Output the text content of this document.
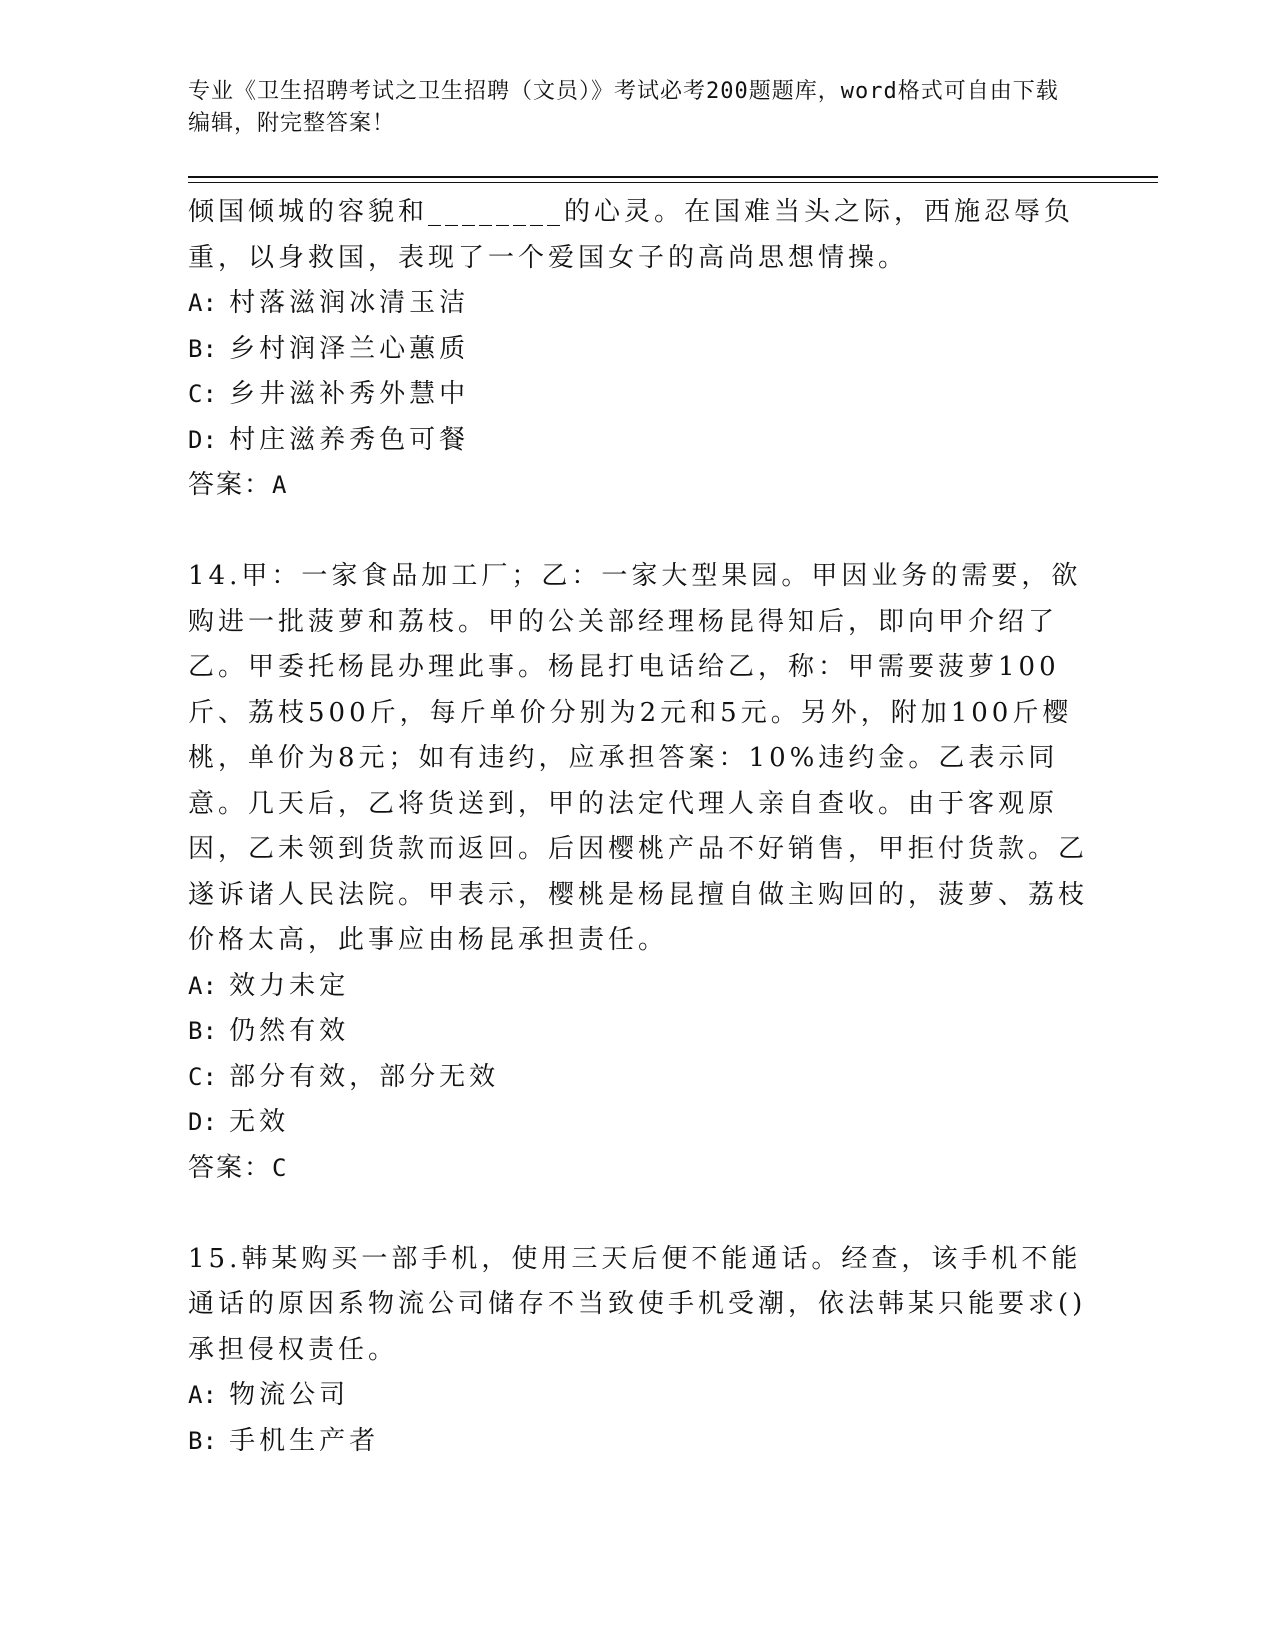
专业《卫生招聘考试之卫生招聘（文员）》考试必考200题题库，word格式可自由下载编辑，附完整答案！

倾国倾城的容貌和________的心灵。在国难当头之际，西施忍辱负重，以身救国，表现了一个爱国女子的高尚思想情操。

A: 村落滋润冰清玉洁
B: 乡村润泽兰心蕙质
C: 乡井滋补秀外慧中
D: 村庄滋养秀色可餐
答案：A

14.甲：一家食品加工厂；乙：一家大型果园。甲因业务的需要，欲购进一批菠萝和荔枝。甲的公关部经理杨昆得知后，即向甲介绍了乙。甲委托杨昆办理此事。杨昆打电话给乙，称：甲需要菠萝100斤、荔枝500斤，每斤单价分别为2元和5元。另外，附加100斤樱桃，单价为8元；如有违约，应承担答案：10%违约金。乙表示同意。几天后，乙将货送到，甲的法定代理人亲自查收。由于客观原因，乙未领到货款而返回。后因樱桃产品不好销售，甲拒付货款。乙遂诉诸人民法院。甲表示，樱桃是杨昆擅自做主购回的，菠萝、荔枝价格太高，此事应由杨昆承担责任。

A: 效力未定
B: 仍然有效
C: 部分有效，部分无效
D: 无效
答案：C

15.韩某购买一部手机，使用三天后便不能通话。经查，该手机不能通话的原因系物流公司储存不当致使手机受潮，依法韩某只能要求()承担侵权责任。

A: 物流公司
B: 手机生产者
